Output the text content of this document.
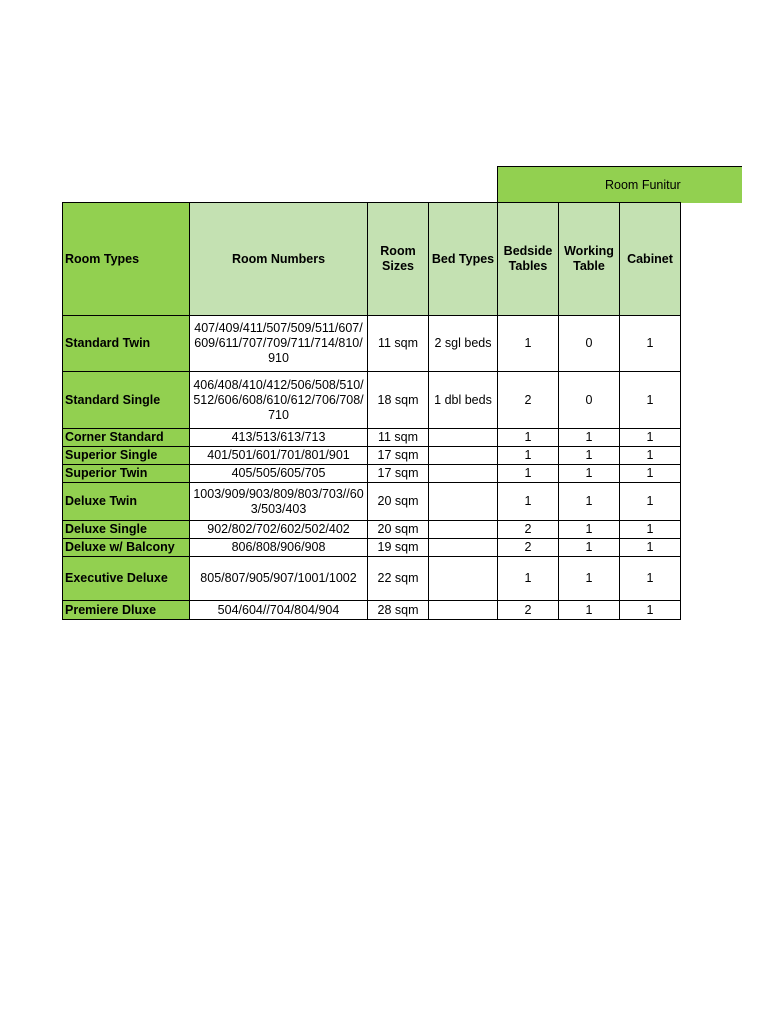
Room Funitur
Room Types	Room Numbers	Room Sizes	Bed Types	Bedside Tables	Working Table	Cabinet
Standard Twin	407/409/411/507/509/511/607/609/611/707/709/711/714/810/910	11 sqm	2 sgl beds	1	0	1
Standard Single	406/408/410/412/506/508/510/512/606/608/610/612/706/708/710	18 sqm	1 dbl beds	2	0	1
Corner Standard	413/513/613/713	11 sqm		1	1	1
Superior Single	401/501/601/701/801/901	17 sqm		1	1	1
Superior Twin	405/505/605/705	17 sqm		1	1	1
Deluxe Twin	1003/909/903/809/803/703//603/503/403	20 sqm		1	1	1
Deluxe Single	902/802/702/602/502/402	20 sqm		2	1	1
Deluxe w/ Balcony	806/808/906/908	19 sqm		2	1	1
Executive Deluxe	805/807/905/907/1001/1002	22 sqm		1	1	1
Premiere Dluxe	504/604//704/804/904	28 sqm		2	1	1
